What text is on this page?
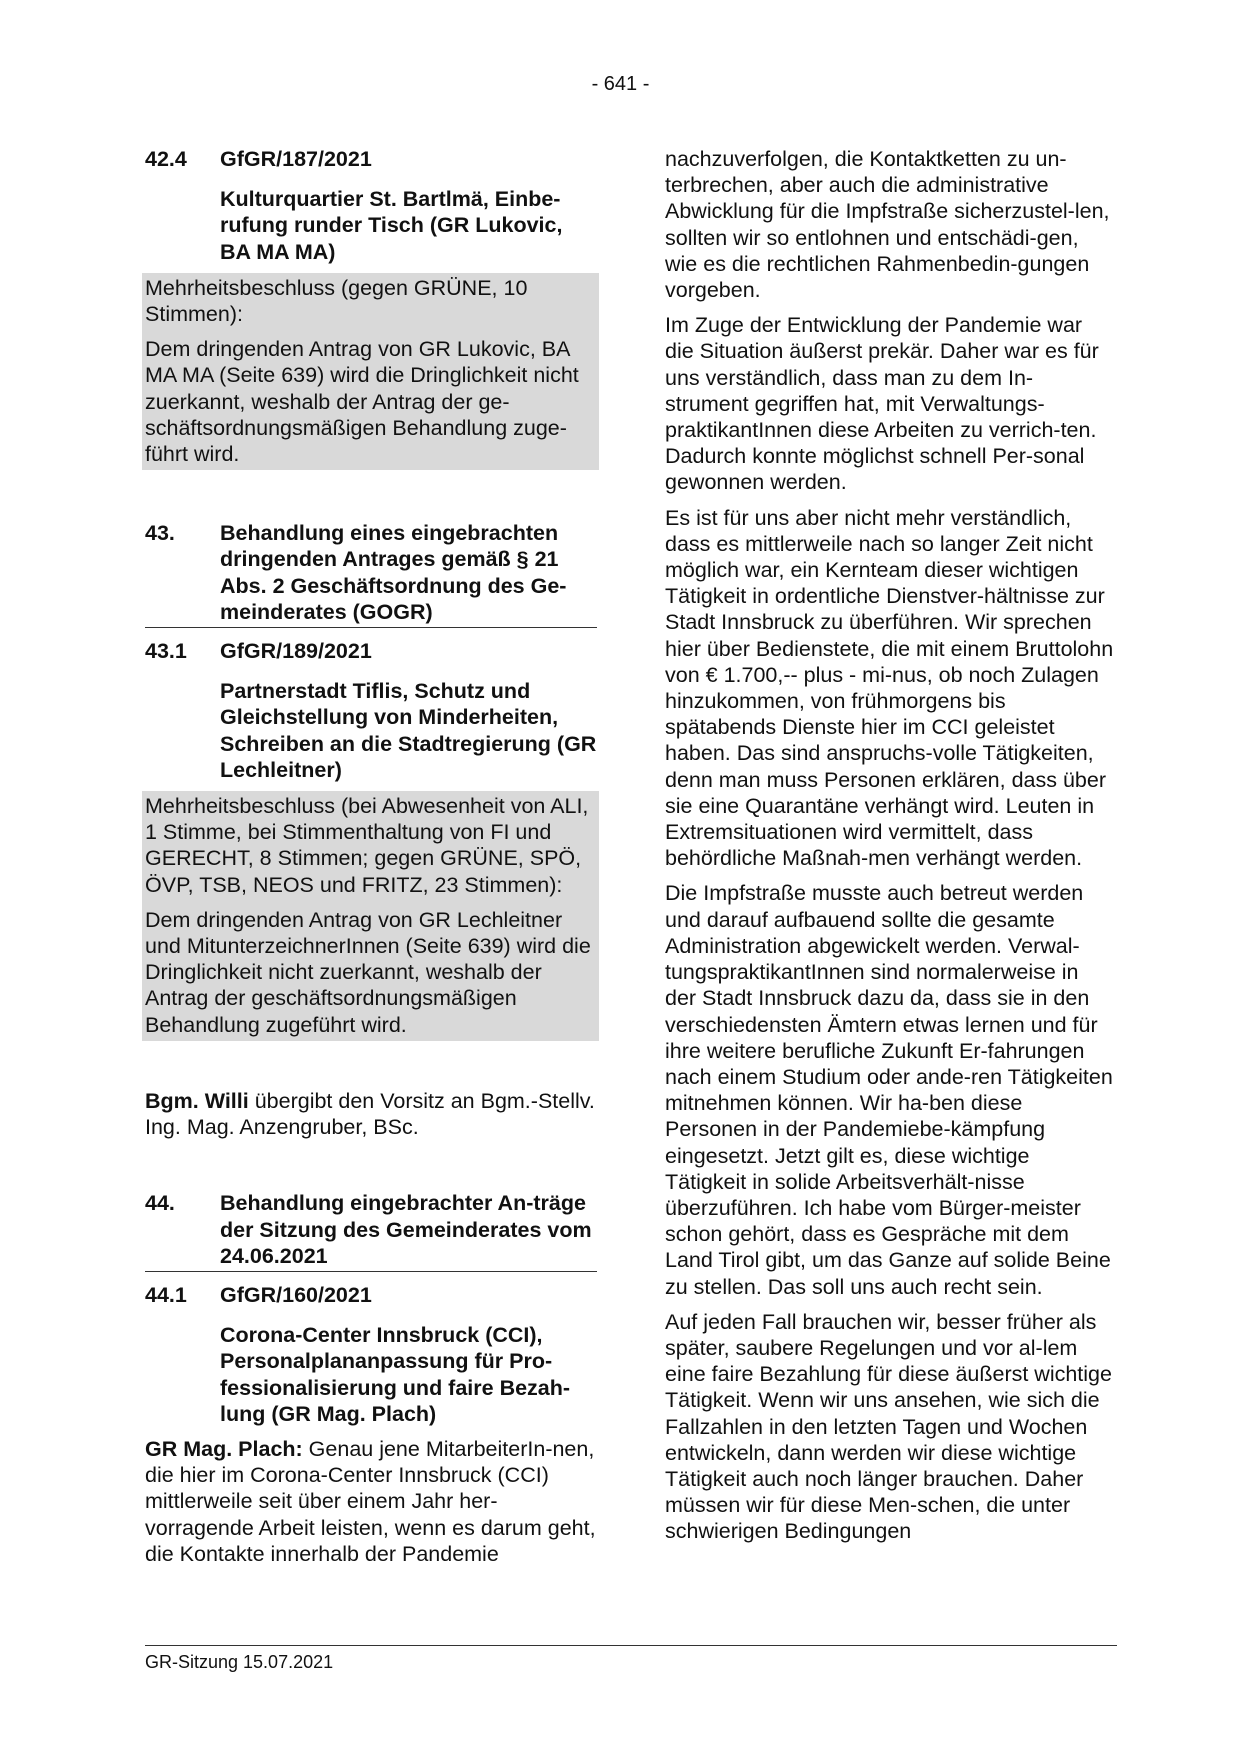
- 641 -
42.4	GfGR/187/2021
Kulturquartier St. Bartlmä, Einbe-rufung runder Tisch (GR Lukovic, BA MA MA)

Mehrheitsbeschluss (gegen GRÜNE, 10 Stimmen):

Dem dringenden Antrag von GR Lukovic, BA MA MA (Seite 639) wird die Dringlichkeit nicht zuerkannt, weshalb der Antrag der ge-schäftsordnungsmäßigen Behandlung zuge-führt wird.

43.	Behandlung eines eingebrachten dringenden Antrages gemäß § 21 Abs. 2 Geschäftsordnung des Ge-meinderates (GOGR)
43.1	GfGR/189/2021
Partnerstadt Tiflis, Schutz und Gleichstellung von Minderheiten, Schreiben an die Stadtregierung (GR Lechleitner)

Mehrheitsbeschluss (bei Abwesenheit von ALI, 1 Stimme, bei Stimmenthaltung von FI und GERECHT, 8 Stimmen; gegen GRÜNE, SPÖ, ÖVP, TSB, NEOS und FRITZ, 23 Stimmen):

Dem dringenden Antrag von GR Lechleitner und MitunterzeichnerInnen (Seite 639) wird die Dringlichkeit nicht zuerkannt, weshalb der Antrag der geschäftsordnungsmäßigen Behandlung zugeführt wird.

Bgm. Willi übergibt den Vorsitz an Bgm.-Stellv. Ing. Mag. Anzengruber, BSc.

44.	Behandlung eingebrachter An-träge der Sitzung des Gemeinderates vom 24.06.2021
44.1	GfGR/160/2021
Corona-Center Innsbruck (CCI), Personalplananpassung für Pro-fessionalisierung und faire Bezah-lung (GR Mag. Plach)

GR Mag. Plach: Genau jene MitarbeiterIn-nen, die hier im Corona-Center Innsbruck (CCI) mittlerweile seit über einem Jahr her-vorragende Arbeit leisten, wenn es darum geht, die Kontakte innerhalb der Pandemie

nachzuverfolgen, die Kontaktketten zu un-terbrechen, aber auch die administrative Abwicklung für die Impfstraße sicherzustel-len, sollten wir so entlohnen und entschädi-gen, wie es die rechtlichen Rahmenbedin-gungen vorgeben.

Im Zuge der Entwicklung der Pandemie war die Situation äußerst prekär. Daher war es für uns verständlich, dass man zu dem In-strument gegriffen hat, mit Verwaltungs-praktikantInnen diese Arbeiten zu verrich-ten. Dadurch konnte möglichst schnell Per-sonal gewonnen werden.

Es ist für uns aber nicht mehr verständlich, dass es mittlerweile nach so langer Zeit nicht möglich war, ein Kernteam dieser wichtigen Tätigkeit in ordentliche Dienstver-hältnisse zur Stadt Innsbruck zu überführen. Wir sprechen hier über Bedienstete, die mit einem Bruttolohn von € 1.700,-- plus - mi-nus, ob noch Zulagen hinzukommen, von frühmorgens bis spätabends Dienste hier im CCI geleistet haben. Das sind anspruchs-volle Tätigkeiten, denn man muss Personen erklären, dass über sie eine Quarantäne verhängt wird. Leuten in Extremsituationen wird vermittelt, dass behördliche Maßnah-men verhängt werden.

Die Impfstraße musste auch betreut werden und darauf aufbauend sollte die gesamte Administration abgewickelt werden. Verwal-tungspraktikantInnen sind normalerweise in der Stadt Innsbruck dazu da, dass sie in den verschiedensten Ämtern etwas lernen und für ihre weitere berufliche Zukunft Er-fahrungen nach einem Studium oder ande-ren Tätigkeiten mitnehmen können. Wir ha-ben diese Personen in der Pandemiebe-kämpfung eingesetzt. Jetzt gilt es, diese wichtige Tätigkeit in solide Arbeitsverhält-nisse überzuführen. Ich habe vom Bürger-meister schon gehört, dass es Gespräche mit dem Land Tirol gibt, um das Ganze auf solide Beine zu stellen. Das soll uns auch recht sein.

Auf jeden Fall brauchen wir, besser früher als später, saubere Regelungen und vor al-lem eine faire Bezahlung für diese äußerst wichtige Tätigkeit. Wenn wir uns ansehen, wie sich die Fallzahlen in den letzten Tagen und Wochen entwickeln, dann werden wir diese wichtige Tätigkeit auch noch länger brauchen. Daher müssen wir für diese Men-schen, die unter schwierigen Bedingungen

GR-Sitzung 15.07.2021
